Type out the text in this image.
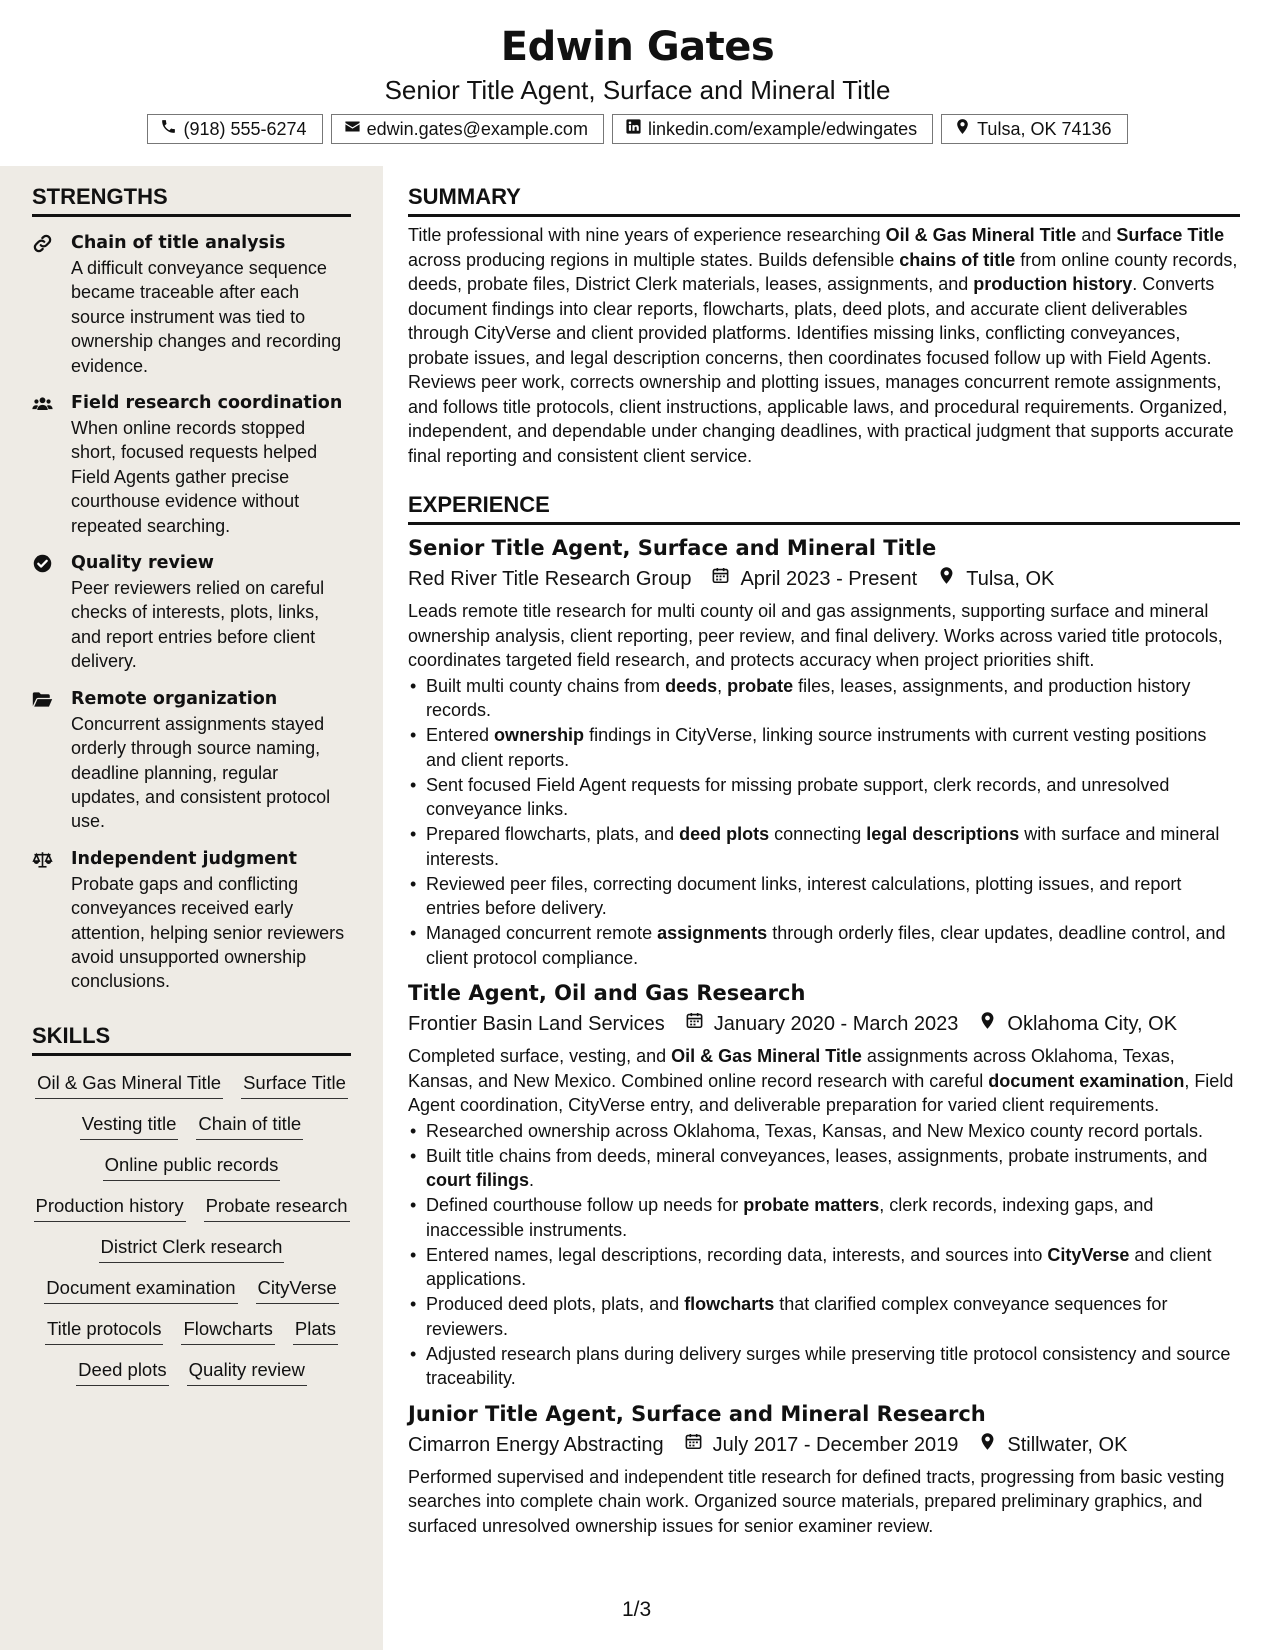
Edwin Gates
Senior Title Agent, Surface and Mineral Title
(918) 555-6274	edwin.gates@example.com	linkedin.com/example/edwingates	Tulsa, OK 74136
STRENGTHS
Chain of title analysis
A difficult conveyance sequence became traceable after each source instrument was tied to ownership changes and recording evidence.
Field research coordination
When online records stopped short, focused requests helped Field Agents gather precise courthouse evidence without repeated searching.
Quality review
Peer reviewers relied on careful checks of interests, plots, links, and report entries before client delivery.
Remote organization
Concurrent assignments stayed orderly through source naming, deadline planning, regular updates, and consistent protocol use.
Independent judgment
Probate gaps and conflicting conveyances received early attention, helping senior reviewers avoid unsupported ownership conclusions.
SKILLS
Oil & Gas Mineral Title Surface Title
Vesting title Chain of title
Online public records
Production history Probate research
District Clerk research
Document examination CityVerse
Title protocols Flowcharts Plats
Deed plots Quality review
SUMMARY

Title professional with nine years of experience researching Oil & Gas Mineral Title and Surface Title across producing regions in multiple states. Builds defensible chains of title from online county records, deeds, probate files, District Clerk materials, leases, assignments, and production history. Converts document findings into clear reports, flowcharts, plats, deed plots, and accurate client deliverables through CityVerse and client provided platforms. Identifies missing links, conflicting conveyances, probate issues, and legal description concerns, then coordinates focused follow up with Field Agents. Reviews peer work, corrects ownership and plotting issues, manages concurrent remote assignments, and follows title protocols, client instructions, applicable laws, and procedural requirements. Organized, independent, and dependable under changing deadlines, with practical judgment that supports accurate final reporting and consistent client service.

EXPERIENCE
Senior Title Agent, Surface and Mineral Title
Red River Title Research Group April 2023 - Present Tulsa, OK

Leads remote title research for multi county oil and gas assignments, supporting surface and mineral ownership analysis, client reporting, peer review, and final delivery. Works across varied title protocols, coordinates targeted field research, and protects accuracy when project priorities shift.

• Built multi county chains from deeds, probate files, leases, assignments, and production history records.
• Entered ownership findings in CityVerse, linking source instruments with current vesting positions and client reports.
• Sent focused Field Agent requests for missing probate support, clerk records, and unresolved conveyance links.
• Prepared flowcharts, plats, and deed plots connecting legal descriptions with surface and mineral interests.
• Reviewed peer files, correcting document links, interest calculations, plotting issues, and report entries before delivery.
• Managed concurrent remote assignments through orderly files, clear updates, deadline control, and client protocol compliance.
Title Agent, Oil and Gas Research
Frontier Basin Land Services January 2020 - March 2023 Oklahoma City, OK

Completed surface, vesting, and Oil & Gas Mineral Title assignments across Oklahoma, Texas, Kansas, and New Mexico. Combined online record research with careful document examination, Field Agent coordination, CityVerse entry, and deliverable preparation for varied client requirements.

• Researched ownership across Oklahoma, Texas, Kansas, and New Mexico county record portals.
• Built title chains from deeds, mineral conveyances, leases, assignments, probate instruments, and court filings.
• Defined courthouse follow up needs for probate matters, clerk records, indexing gaps, and inaccessible instruments.
• Entered names, legal descriptions, recording data, interests, and sources into CityVerse and client applications.
• Produced deed plots, plats, and flowcharts that clarified complex conveyance sequences for reviewers.
• Adjusted research plans during delivery surges while preserving title protocol consistency and source traceability.
Junior Title Agent, Surface and Mineral Research
Cimarron Energy Abstracting July 2017 - December 2019 Stillwater, OK

Performed supervised and independent title research for defined tracts, progressing from basic vesting searches into complete chain work. Organized source materials, prepared preliminary graphics, and surfaced unresolved ownership issues for senior examiner review.

1/3
